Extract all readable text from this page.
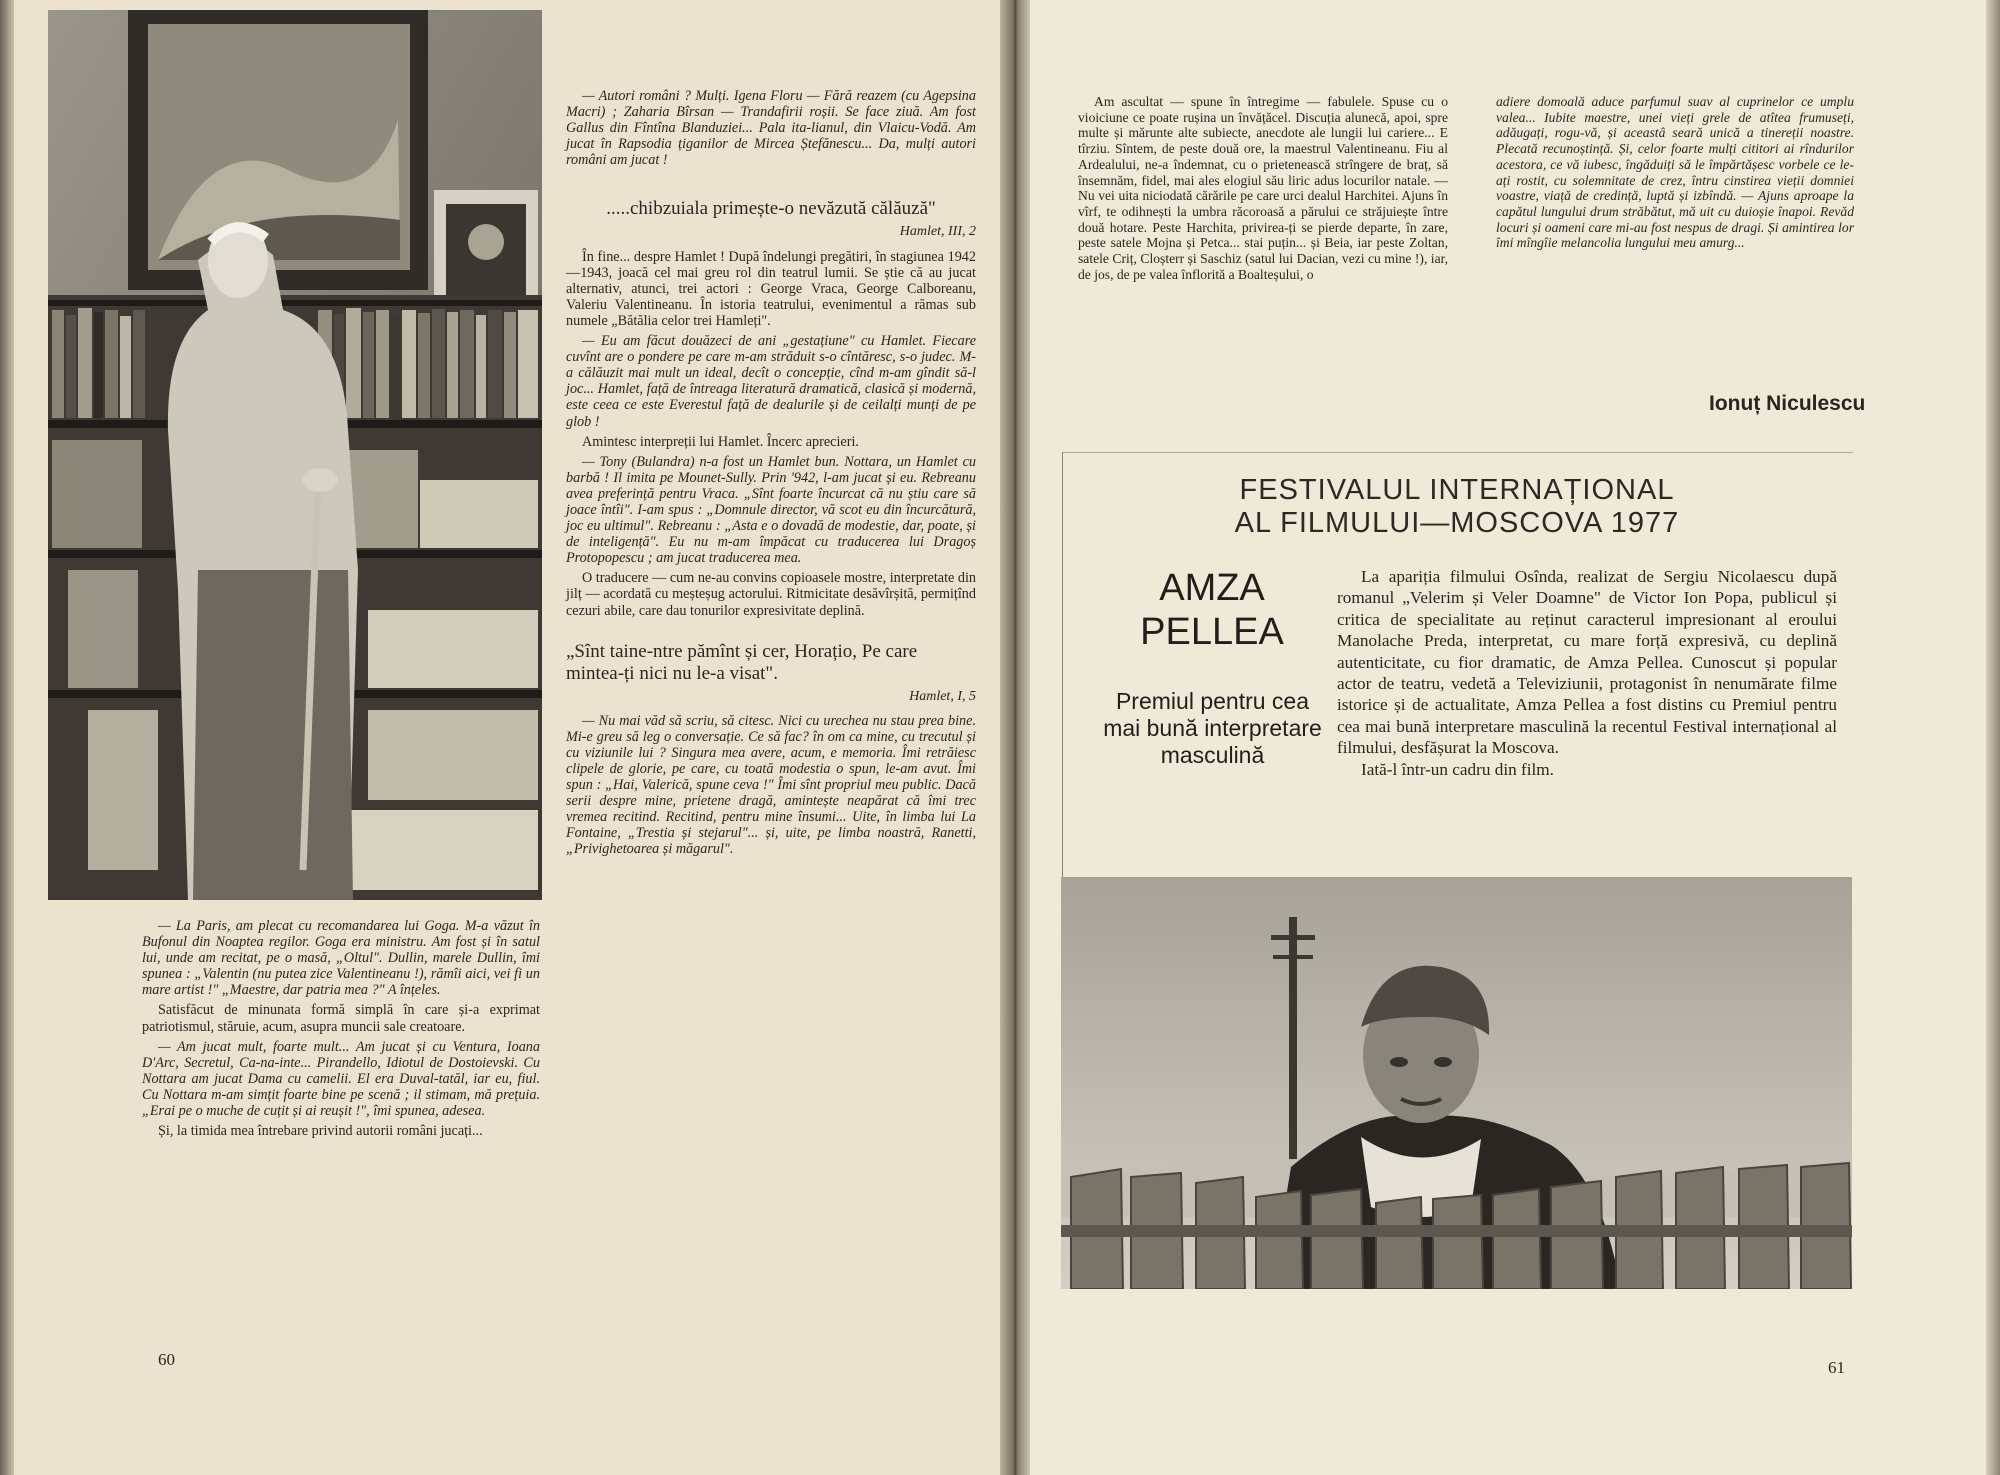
— La Paris, am plecat cu recomandarea lui Goga. M-a văzut în Bufonul din Noaptea regilor. Goga era ministru. Am fost și în satul lui, unde am recitat, pe o masă, „Oltul". Dullin, marele Dullin, îmi spunea : „Valentin (nu putea zice Valentineanu !), rămîi aici, vei fi un mare artist !" „Maestre, dar patria mea ?" A înțeles.

Satisfăcut de minunata formă simplă în care și-a exprimat patriotismul, stăruie, acum, asupra muncii sale creatoare.

— Am jucat mult, foarte mult... Am jucat și cu Ventura, Ioana D'Arc, Secretul, Ca-na-inte... Pirandello, Idiotul de Dostoievski. Cu Nottara am jucat Dama cu camelii. El era Duval-tatăl, iar eu, fiul. Cu Nottara m-am simțit foarte bine pe scenă ; il stimam, mă prețuia. „Erai pe o muche de cuțit și ai reușit !", îmi spunea, adesea.

Și, la timida mea întrebare privind autorii români jucați...

— Autori români ? Mulți. Igena Floru — Fără reazem (cu Agepsina Macri) ; Zaharia Bîrsan — Trandafirii roșii. Se face ziuă. Am fost Gallus din Fîntîna Blanduziei... Pala ita-lianul, din Vlaicu-Vodă. Am jucat în Rapsodia țiganilor de Mircea Ștefănescu... Da, mulți autori români am jucat !

.....chibzuiala primește-o nevăzută călăuză"
Hamlet, III, 2

În fine... despre Hamlet ! După îndelungi pregătiri, în stagiunea 1942—1943, joacă cel mai greu rol din teatrul lumii. Se știe că au jucat alternativ, atunci, trei actori : George Vraca, George Calboreanu, Valeriu Valentineanu. În istoria teatrului, evenimentul a rămas sub numele „Bătălia celor trei Hamleți".

— Eu am făcut douăzeci de ani „gestațiune" cu Hamlet. Fiecare cuvînt are o pondere pe care m-am străduit s-o cîntăresc, s-o judec. M-a călăuzit mai mult un ideal, decît o concepție, cînd m-am gîndit să-l joc... Hamlet, față de întreaga literatură dramatică, clasică și modernă, este ceea ce este Everestul față de dealurile și de ceilalți munți de pe glob !

Amintesc interpreții lui Hamlet. Încerc aprecieri.

— Tony (Bulandra) n-a fost un Hamlet bun. Nottara, un Hamlet cu barbă ! Il imita pe Mounet-Sully. Prin '942, l-am jucat și eu. Rebreanu avea preferință pentru Vraca. „Sînt foarte încurcat că nu știu care să joace întîi". I-am spus : „Domnule director, vă scot eu din încurcătură, joc eu ultimul". Rebreanu : „Asta e o dovadă de modestie, dar, poate, și de inteligență". Eu nu m-am împăcat cu traducerea lui Dragoș Protopopescu ; am jucat traducerea mea.

O traducere — cum ne-au convins copioasele mostre, interpretate din jilț — acordată cu meșteșug actorului. Ritmicitate desăvîrșită, permițînd cezuri abile, care dau tonurilor expresivitate deplină.

„Sînt taine-ntre pămînt și cer, Horațio, Pe care mintea-ți nici nu le-a visat".
Hamlet, I, 5

— Nu mai văd să scriu, să citesc. Nici cu urechea nu stau prea bine. Mi-e greu să leg o conversație. Ce să fac? în om ca mine, cu trecutul și cu viziunile lui ? Singura mea avere, acum, e memoria. Îmi retrăiesc clipele de glorie, pe care, cu toată modestia o spun, le-am avut. Îmi spun : „Hai, Valerică, spune ceva !" Îmi sînt propriul meu public. Dacă serii despre mine, prietene dragă, amintește neapărat că îmi trec vremea recitind. Recitind, pentru mine însumi... Uite, în limba lui La Fontaine, „Trestia și stejarul"... și, uite, pe limba noastră, Ranetti, „Privighetoarea și măgarul".

60

Am ascultat — spune în întregime — fabulele. Spuse cu o vioiciune ce poate rușina un învățăcel. Discuția alunecă, apoi, spre multe și mărunte alte subiecte, anecdote ale lungii lui cariere... E tîrziu. Sîntem, de peste două ore, la maestrul Valentineanu. Fiu al Ardealului, ne-a îndemnat, cu o prietenească strîngere de braț, să însemnăm, fidel, mai ales elogiul său liric adus locurilor natale. — Nu vei uita niciodată cărările pe care urci dealul Harchitei. Ajuns în vîrf, te odihnești la umbra răcoroasă a părului ce străjuiește între două hotare. Peste Harchita, privirea-ți se pierde departe, în zare, peste satele Mojna și Petca... stai puțin... și Beia, iar peste Zoltan, satele Criț, Cloșterr și Saschiz (satul lui Dacian, vezi cu mine !), iar, de jos, de pe valea înflorită a Boalteșului, o

adiere domoală aduce parfumul suav al cuprinelor ce umplu valea... Iubite maestre, unei vieți grele de atîtea frumuseți, adăugați, rogu-vă, și aceastâ seară unică a tinereții noastre. Plecată recunoștință. Și, celor foarte mulți cititori ai rîndurilor acestora, ce vă iubesc, îngăduiți să le împărtășesc vorbele ce le-ați rostit, cu solemnitate de crez, întru cinstirea vieții domniei voastre, viață de credință, luptă și izbîndă. — Ajuns aproape la capătul lungului drum străbătut, mă uit cu duioșie înapoi. Revăd locuri și oameni care mi-au fost nespus de dragi. Și amintirea lor îmi mîngîie melancolia lungului meu amurg...

Ionuț Niculescu
FESTIVALUL INTERNAȚIONAL
AL FILMULUI—MOSCOVA 1977
AMZA
PELLEA
Premiul pentru cea mai bună interpretare masculină

La apariția filmului Osînda, realizat de Sergiu Nicolaescu după romanul „Velerim și Veler Doamne" de Victor Ion Popa, publicul și critica de specialitate au reținut caracterul impresionant al eroului Manolache Preda, interpretat, cu mare forță expresivă, cu deplină autenticitate, cu fior dramatic, de Amza Pellea. Cunoscut și popular actor de teatru, vedetă a Televiziunii, protagonist în nenumărate filme istorice și de actualitate, Amza Pellea a fost distins cu Premiul pentru cea mai bună interpretare masculină la recentul Festival internațional al filmului, desfășurat la Moscova.

Iată-l într-un cadru din film.

61
